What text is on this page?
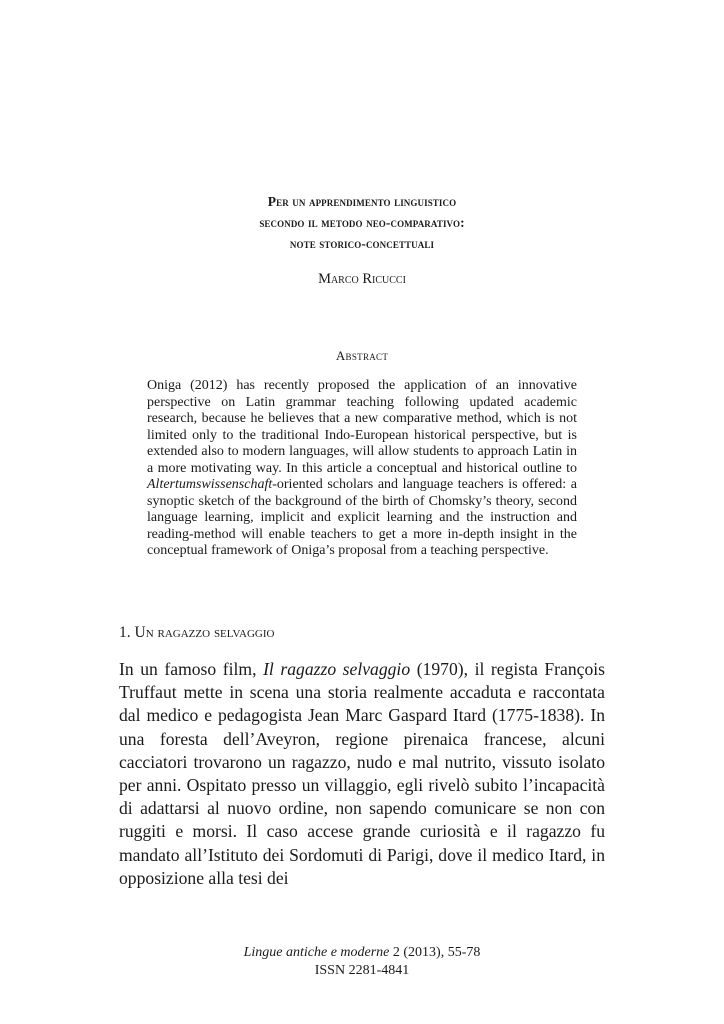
Per un apprendimento linguistico
secondo il metodo neo-comparativo:
note storico-concettuali
Marco Ricucci
Abstract

Oniga (2012) has recently proposed the application of an innovative perspective on Latin grammar teaching following updated academic research, because he believes that a new comparative method, which is not limited only to the traditional Indo-European historical perspective, but is extended also to modern languages, will allow students to approach Latin in a more motivating way. In this article a conceptual and historical outline to Altertumswissenschaft-oriented scholars and language teachers is offered: a synoptic sketch of the background of the birth of Chomsky’s theory, second language learning, implicit and explicit learning and the instruction and reading-method will enable teachers to get a more in-depth insight in the conceptual framework of Oniga’s proposal from a teaching perspective.

1. Un ragazzo selvaggio

In un famoso film, Il ragazzo selvaggio (1970), il regista François Truffaut mette in scena una storia realmente accaduta e raccontata dal medico e pedagogista Jean Marc Gaspard Itard (1775-1838). In una foresta dell’Aveyron, regione pirenaica francese, alcuni cacciatori trovarono un ragazzo, nudo e mal nutrito, vissuto isolato per anni. Ospitato presso un villaggio, egli rivelò subito l’incapacità di adattarsi al nuovo ordine, non sapendo comunicare se non con ruggiti e morsi. Il caso accese grande curiosità e il ragazzo fu mandato all’Istituto dei Sordomuti di Parigi, dove il medico Itard, in opposizione alla tesi dei

Lingue antiche e moderne 2 (2013), 55-78
ISSN 2281-4841
